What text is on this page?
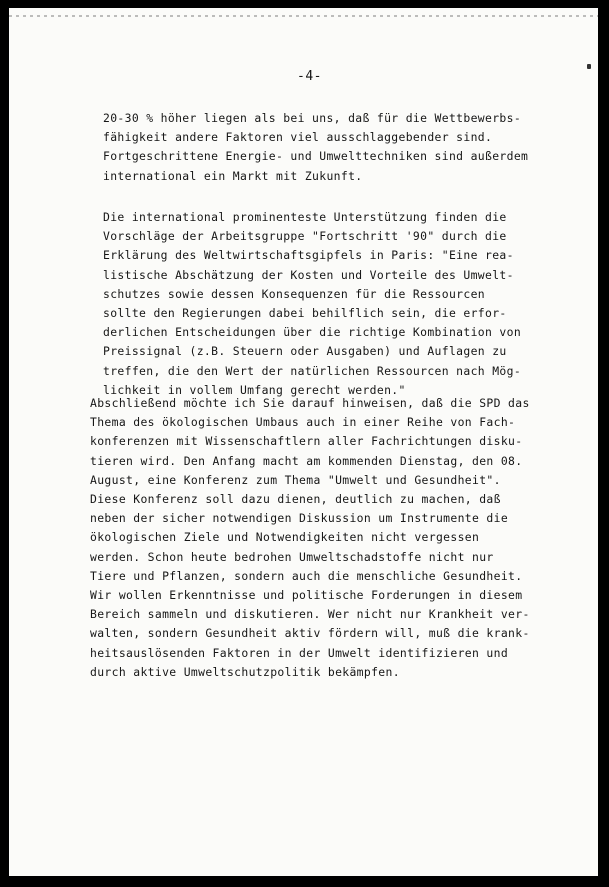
-4-

20-30 % höher liegen als bei uns, daß für die Wettbewerbs-
fähigkeit andere Faktoren viel ausschlaggebender sind.
Fortgeschrittene Energie- und Umwelttechniken sind außerdem
international ein Markt mit Zukunft.

Die international prominenteste Unterstützung finden die
Vorschläge der Arbeitsgruppe "Fortschritt '90" durch die
Erklärung des Weltwirtschaftsgipfels in Paris: "Eine rea-
listische Abschätzung der Kosten und Vorteile des Umwelt-
schutzes sowie dessen Konsequenzen für die Ressourcen
sollte den Regierungen dabei behilflich sein, die erfor-
derlichen Entscheidungen über die richtige Kombination von
Preissignal (z.B. Steuern oder Ausgaben) und Auflagen zu
treffen, die den Wert der natürlichen Ressourcen nach Mög-
lichkeit in vollem Umfang gerecht werden."

Abschließend möchte ich Sie darauf hinweisen, daß die SPD das
Thema des ökologischen Umbaus auch in einer Reihe von Fach-
konferenzen mit Wissenschaftlern aller Fachrichtungen disku-
tieren wird. Den Anfang macht am kommenden Dienstag, den 08.
August, eine Konferenz zum Thema "Umwelt und Gesundheit".
Diese Konferenz soll dazu dienen, deutlich zu machen, daß
neben der sicher notwendigen Diskussion um Instrumente die
ökologischen Ziele und Notwendigkeiten nicht vergessen
werden. Schon heute bedrohen Umweltschadstoffe nicht nur
Tiere und Pflanzen, sondern auch die menschliche Gesundheit.
Wir wollen Erkenntnisse und politische Forderungen in diesem
Bereich sammeln und diskutieren. Wer nicht nur Krankheit ver-
walten, sondern Gesundheit aktiv fördern will, muß die krank-
heitsauslösenden Faktoren in der Umwelt identifizieren und
durch aktive Umweltschutzpolitik bekämpfen.
